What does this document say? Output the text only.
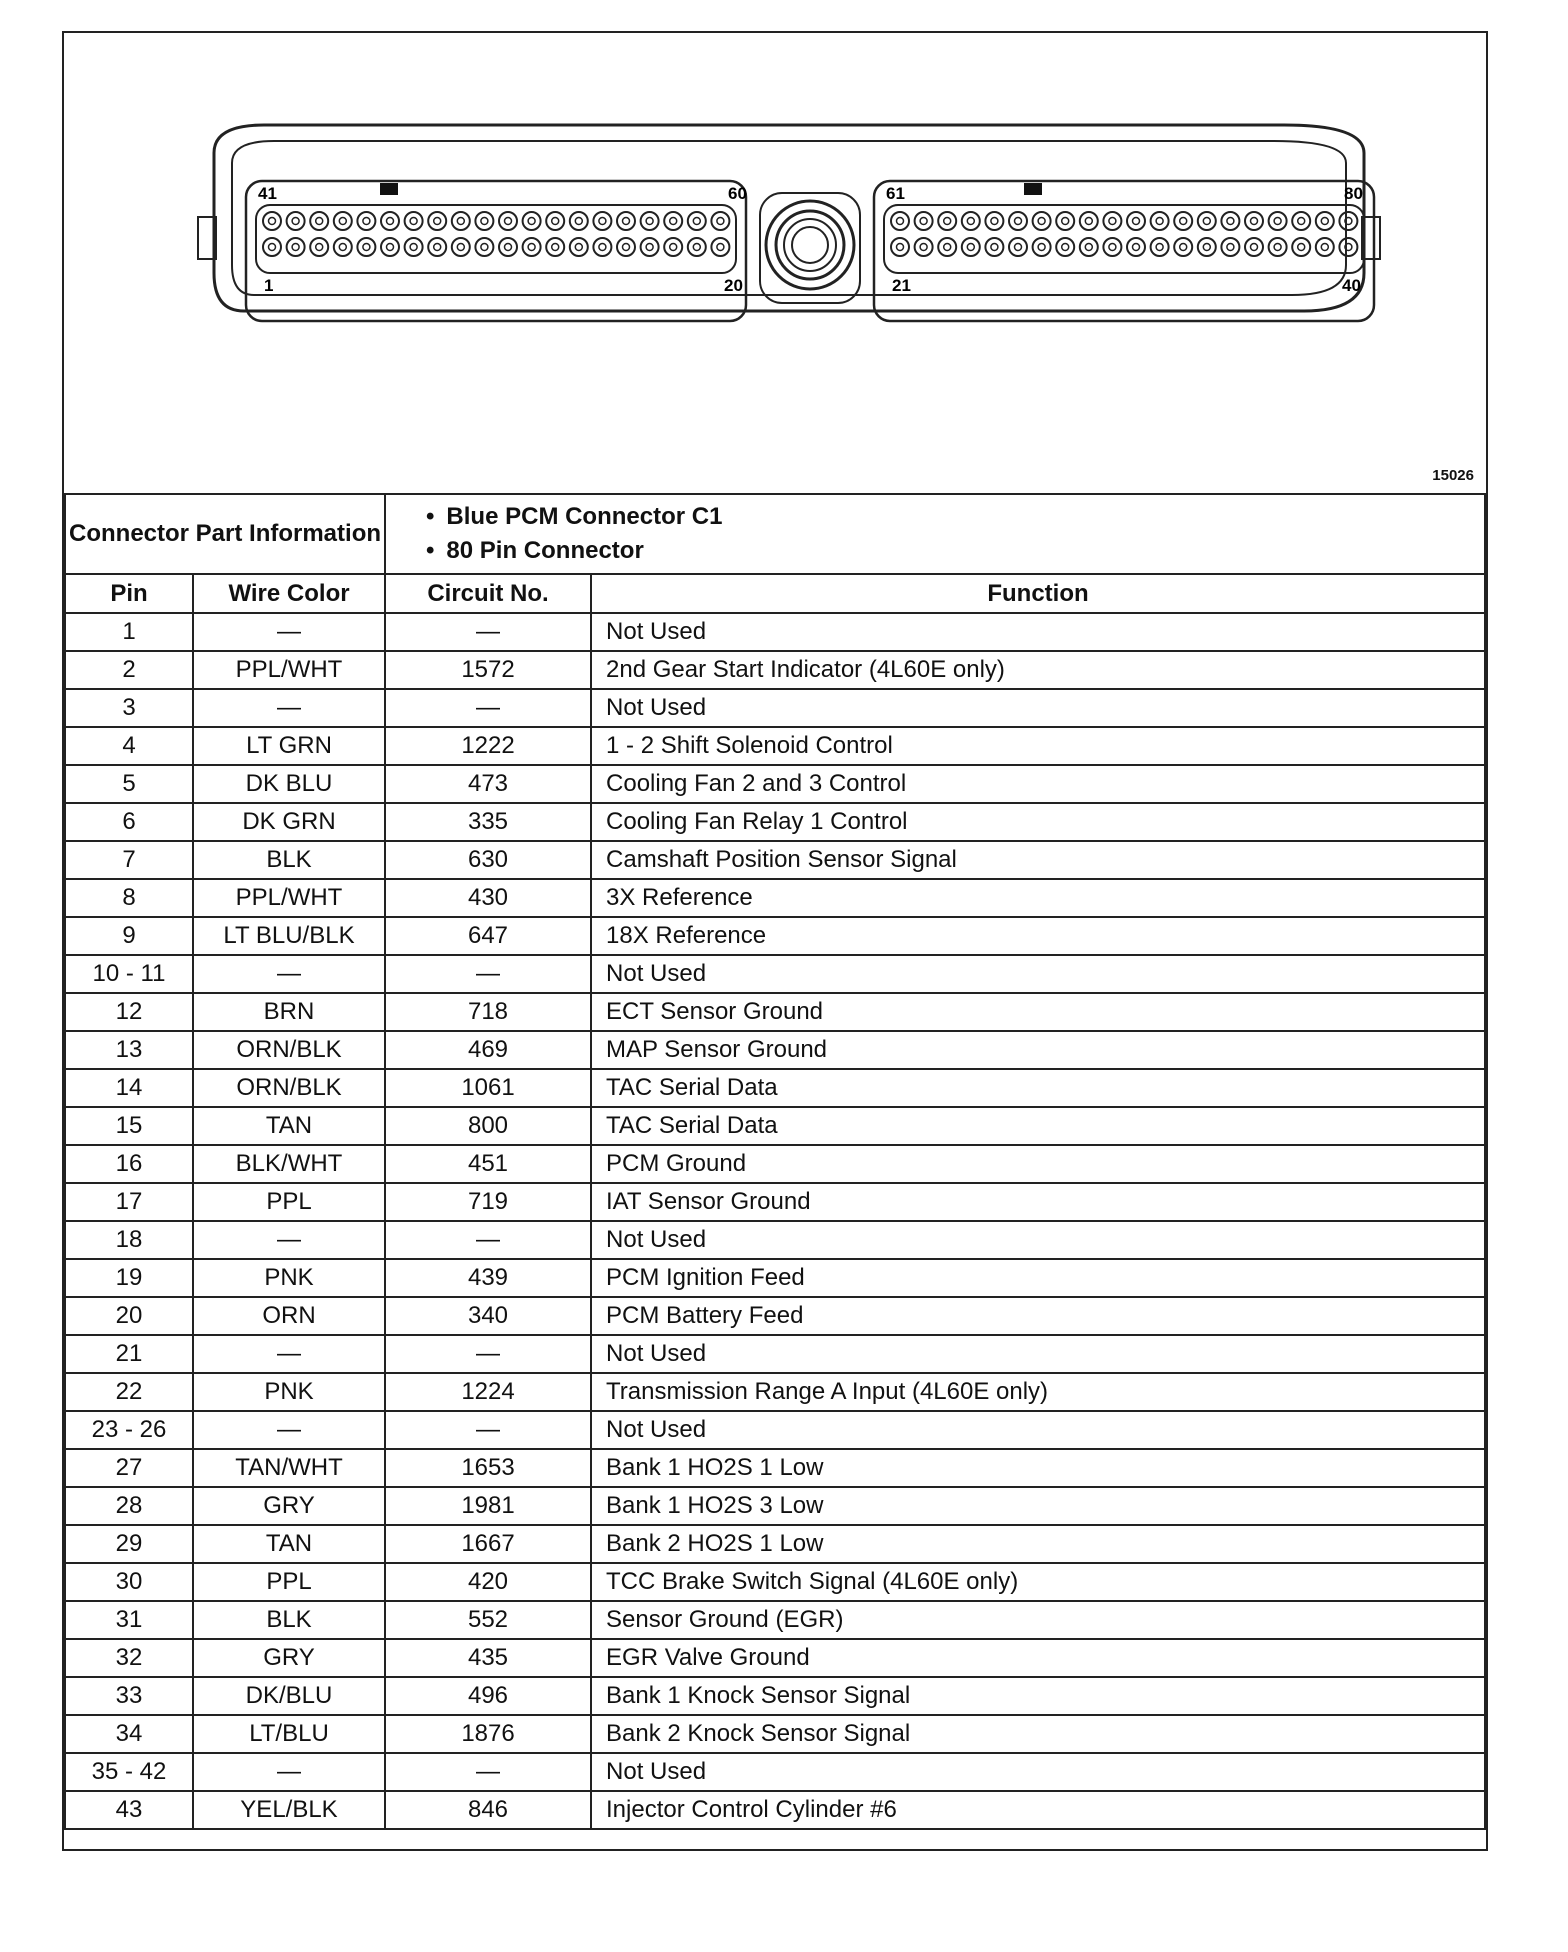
41	60
1	20
61	80
21	40
15026
Connector Part Information		• Blue PCM Connector C1
• 80 Pin Connector

Pin	Wire Color	Circuit No.	Function
1	—	—	Not Used
2	PPL/WHT	1572	2nd Gear Start Indicator (4L60E only)
3	—	—	Not Used
4	LT GRN	1222	1 - 2 Shift Solenoid Control
5	DK BLU	473	Cooling Fan 2 and 3 Control
6	DK GRN	335	Cooling Fan Relay 1 Control
7	BLK	630	Camshaft Position Sensor Signal
8	PPL/WHT	430	3X Reference
9	LT BLU/BLK	647	18X Reference
10 - 11	—	—	Not Used
12	BRN	718	ECT Sensor Ground
13	ORN/BLK	469	MAP Sensor Ground
14	ORN/BLK	1061	TAC Serial Data
15	TAN	800	TAC Serial Data
16	BLK/WHT	451	PCM Ground
17	PPL	719	IAT Sensor Ground
18	—	—	Not Used
19	PNK	439	PCM Ignition Feed
20	ORN	340	PCM Battery Feed
21	—	—	Not Used
22	PNK	1224	Transmission Range A Input (4L60E only)
23 - 26	—	—	Not Used
27	TAN/WHT	1653	Bank 1 HO2S 1 Low
28	GRY	1981	Bank 1 HO2S 3 Low
29	TAN	1667	Bank 2 HO2S 1 Low
30	PPL	420	TCC Brake Switch Signal (4L60E only)
31	BLK	552	Sensor Ground (EGR)
32	GRY	435	EGR Valve Ground
33	DK/BLU	496	Bank 1 Knock Sensor Signal
34	LT/BLU	1876	Bank 2 Knock Sensor Signal
35 - 42	—	—	Not Used
43	YEL/BLK	846	Injector Control Cylinder #6
